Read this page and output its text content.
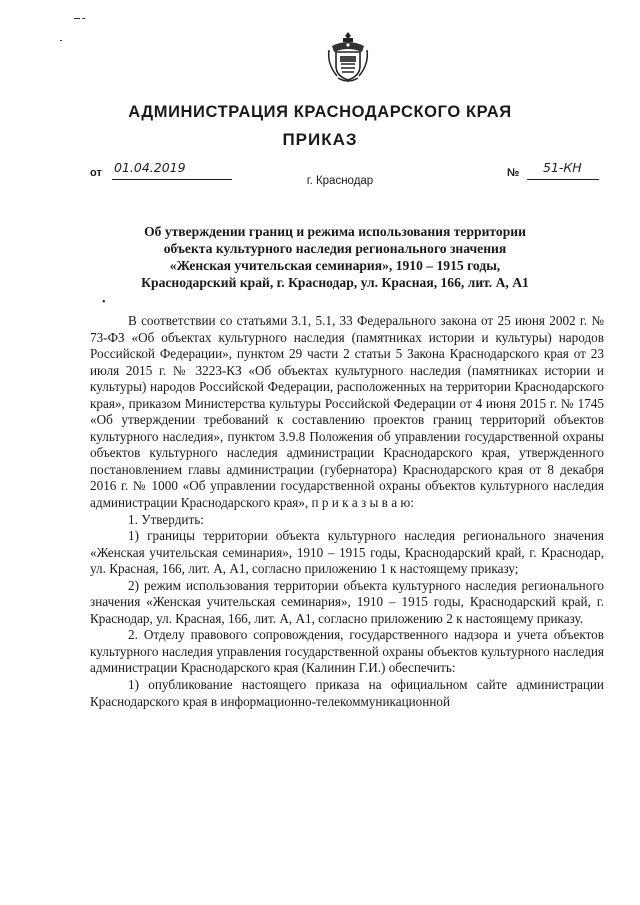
АДМИНИСТРАЦИЯ КРАСНОДАРСКОГО КРАЯ
ПРИКАЗ
от 01.04.2019	№ 51-КН
г. Краснодар
Об утверждении границ и режима использования территории
объекта культурного наследия регионального значения
«Женская учительская семинария», 1910 – 1915 годы,
Краснодарский край, г. Краснодар, ул. Красная, 166, лит. А, А1
•

В соответствии со статьями 3.1, 5.1, 33 Федерального закона от 25 июня 2002 г. № 73-ФЗ «Об объектах культурного наследия (памятниках истории и культуры) народов Российской Федерации», пунктом 29 части 2 статьи 5 Закона Краснодарского края от 23 июля 2015 г. № 3223-КЗ «Об объектах культурного наследия (памятниках истории и культуры) народов Российской Федерации, расположенных на территории Краснодарского края», приказом Министерства культуры Российской Федерации от 4 июня 2015 г. № 1745 «Об утверждении требований к составлению проектов границ территорий объектов культурного наследия», пунктом 3.9.8 Положения об управлении государственной охраны объектов культурного наследия администрации Краснодарского края, утвержденного постановлением главы администрации (губернатора) Краснодарского края от 8 декабря 2016 г. № 1000 «Об управлении государственной охраны объектов культурного наследия администрации Краснодарского края», п р и к а з ы в а ю:

1. Утвердить:

1) границы территории объекта культурного наследия регионального значения «Женская учительская семинария», 1910 – 1915 годы, Краснодарский край, г. Краснодар, ул. Красная, 166, лит. А, А1, согласно приложению 1 к настоящему приказу;

2) режим использования территории объекта культурного наследия регионального значения «Женская учительская семинария», 1910 – 1915 годы, Краснодарский край, г. Краснодар, ул. Красная, 166, лит. А, А1, согласно приложению 2 к настоящему приказу.

2. Отделу правового сопровождения, государственного надзора и учета объектов культурного наследия управления государственной охраны объектов культурного наследия администрации Краснодарского края (Калинин Г.И.) обеспечить:

1) опубликование настоящего приказа на официальном сайте администрации Краснодарского края в информационно-телекоммуникационной
